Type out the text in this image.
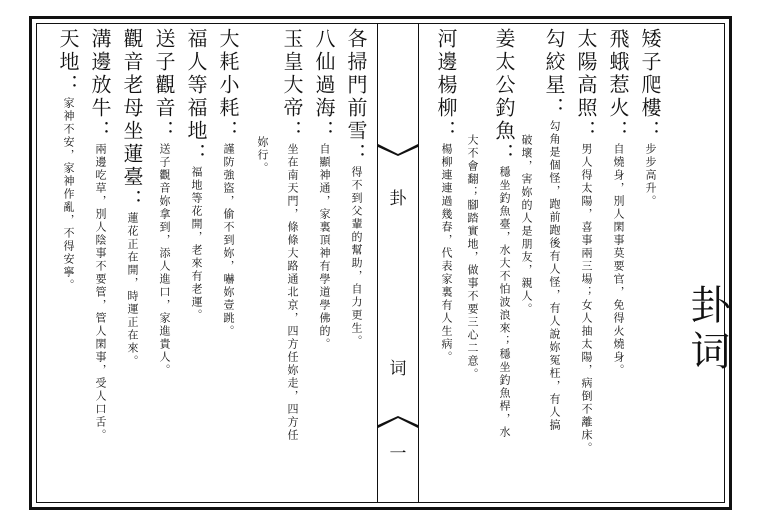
卦词
矮子爬樓：步步高升。
飛蛾惹火：自燒身，別人閑事莫要官，免得火燒身。
太陽高照：男人得太陽，喜事兩三場；女人抽太陽，病倒不離床。
勾絞星：勾角是個怪，跑前跑後有人怪，有人說妳冤枉，有人搞
破壞，害妳的人是朋友，親人。
姜太公釣魚：穩坐釣魚臺，水大不怕波浪來；穩坐釣魚桿，水
大不會翻；腳踏實地，做事不要三心二意。
河邊楊柳：楊柳連連過幾春，代表家裏有人生病。
卦
词
一
各掃門前雪：得不到父輩的幫助，自力更生。
八仙過海：自顯神通，家裏頂神有學道學佛的。
玉皇大帝：坐在南天門，條條大路通北京，四方任妳走，四方任
妳行。
大耗小耗：謹防強盜，偷不到妳，嚇妳壹跳。
福人等福地：福地等花開，老來有老運。
送子觀音：送子觀音妳拿到，添人進口，家進貴人。
觀音老母坐蓮臺：蓮花正在開，時運正在來。
溝邊放牛：兩邊吃草，別人陰事不要管，管人閑事，受人口舌。
天地：家神不安，家神作亂，不得安寧。
